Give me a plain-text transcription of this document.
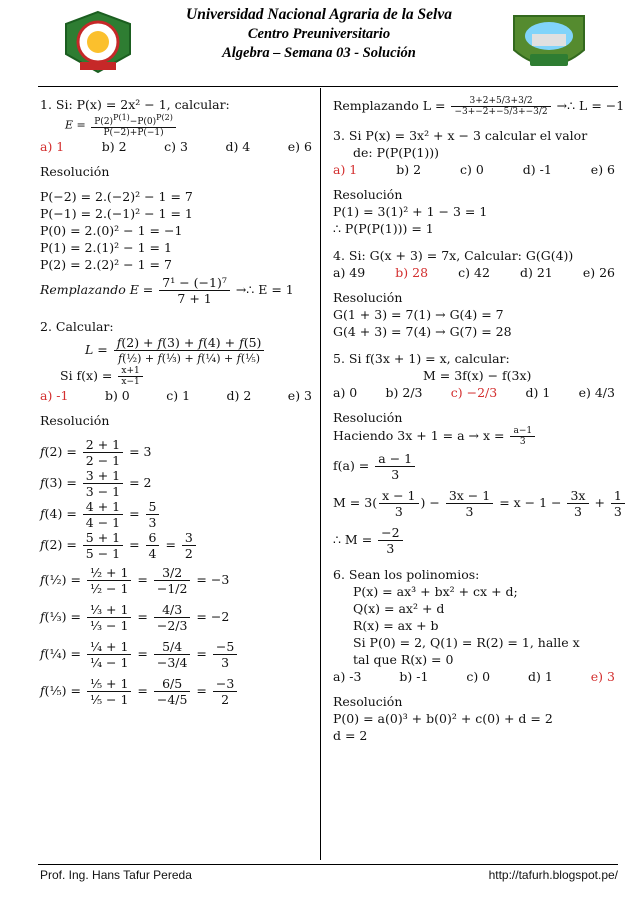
Universidad Nacional Agraria de la Selva
Centro Preuniversitario
Algebra – Semana 03 - Solución
1. Si: P(x) = 2x² − 1, calcular:
$E = \frac{P(2)^{P(1)}-P(0)^{P(2)}}{P(-2)+P(-1)}$
a) 1	b) 2	c) 3	d) 4	e) 6
Resolución
P(−2) = 2.(−2)² − 1 = 7
P(−1) = 2.(−1)² − 1 = 1
P(0) = 2.(0)² − 1 = −1
P(1) = 2.(1)² − 1 = 1
P(2) = 2.(2)² − 1 = 7
Remplazando $E = \frac{\text{7¹ − (−1)⁷}}{7 + 1}$ →∴ E = 1
2. Calcular:
$L = \frac{f(2) + f(3) + f(4) + f(5)}{\text{f(½) + f(⅓) + f(¼) + f(⅕)}}$
Si $f(x) = \frac{x+1}{x-1}$
a) -1	b) 0	c) 1	d) 2	e) 3
Resolución
$f(2) = \frac{2 + 1}{2 - 1} = 3$
$f(3) = \frac{3 + 1}{3 - 1} = 2$
$f(4) = \frac{4 + 1}{4 - 1} = \frac{5}{3}$
$f(2) = \frac{5 + 1}{5 - 1} = \frac{6}{4} = \frac{3}{2}$
f(½) = $\frac{\text{½ + 1}}{\text{½ − 1}} = \frac{3/2}{-1/2} = -3$
f(⅓) = $\frac{\text{⅓ + 1}}{\text{⅓ − 1}} = \frac{4/3}{-2/3} = -2$
f(¼) = $\frac{\text{¼ + 1}}{\text{¼ − 1}} = \frac{5/4}{-3/4} = \frac{-5}{3}$
f(⅕) = $\frac{\text{⅕ + 1}}{\text{⅕ − 1}} = \frac{6/5}{-4/5} = \frac{-3}{2}$
Remplazando $L = \frac{3+2+5/3+3/2}{-3+-2+-5/3+-3/2}$ →∴ L = −1
3. Si P(x) = 3x² + x − 3 calcular el valor
de: P(P(P(1)))
a) 1	b) 2	c) 0	d) -1	e) 6
Resolución
P(1) = 3(1)² + 1 − 3 = 1
∴ P(P(P(1))) = 1
4. Si: G(x + 3) = 7x, Calcular: G(G(4))
a) 49 b) 28 c) 42 d) 21 e) 26
Resolución
G(1 + 3) = 7(1) → G(4) = 7
G(4 + 3) = 7(4) → G(7) = 28
5. Si f(3x + 1) = x, calcular:
M = 3f(x) − f(3x)
a) 0 b) 2/3 c) −2/3 d) 1 e) 4/3
Resolución
Haciendo $3x + 1 = a \to x = \frac{a-1}{3}$
$f(a) = \frac{a - 1}{3}$
$M = 3( \frac{x - 1}{3}$ ) − $\frac{3x - 1}{3} = x - 1 - \frac{3x}{3} + \frac{1}{3}$
∴ $M = \frac{-2}{3}$
6. Sean los polinomios:
P(x) = ax³ + bx² + cx + d;
Q(x) = ax² + d
R(x) = ax + b
Si P(0) = 2, Q(1) = R(2) = 1, halle x
tal que R(x) = 0
a) -3	b) -1	c) 0	d) 1	e) 3
Resolución
P(0) = a(0)³ + b(0)² + c(0) + d = 2
d = 2
Prof. Ing. Hans Tafur Pereda	http://tafurh.blogspot.pe/
